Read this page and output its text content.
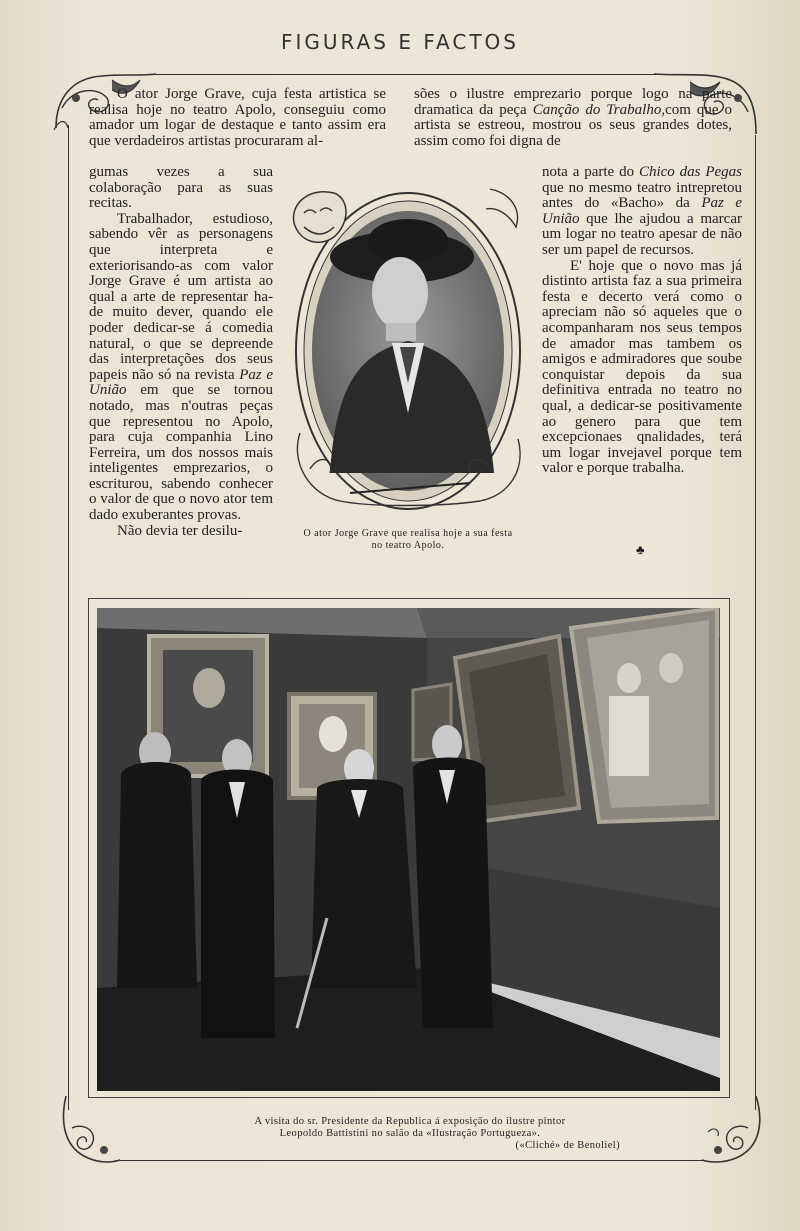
FIGURAS E FACTOS

O ator Jorge Grave, cuja festa artistica se realisa hoje no teatro Apolo, conseguiu como amador um logar de destaque e tanto assim era que verdadeiros artistas procuraram al-

gumas vezes a sua colaboração para as suas recitas.

Trabalhador, estudioso, sabendo vêr as personagens que interpreta e exteriorisando-as com valor Jorge Grave é um artista ao qual a arte de representar ha-de muito dever, quando ele poder dedicar-se á comedia natural, o que se depreende das interpretações dos seus papeis não só na revista Paz e União em que se tornou notado, mas n'outras peças que representou no Apolo, para cuja companhia Lino Ferreira, um dos nossos mais inteligentes emprezarios, o escriturou, sabendo conhecer o valor de que o novo ator tem dado exuberantes provas.

Não devia ter desilu-

sões o ilustre emprezario porque logo na parte dramatica da peça Canção do Trabalho,com que o artista se estreou, mostrou os seus grandes dotes, assim como foi digna de

nota a parte do Chico das Pegas que no mesmo teatro intrepretou antes do «Bacho» da Paz e União que lhe ajudou a marcar um logar no teatro apesar de não ser um papel de recursos.

E' hoje que o novo mas já distinto artista faz a sua primeira festa e decerto verá como o apreciam não só aqueles que o acompanharam nos seus tempos de amador mas tambem os amigos e admiradores que soube conquistar depois da sua definitiva entrada no teatro no qual, a dedicar-se positivamente ao genero para que tem excepcionaes qnalidades, terá um logar invejavel porque tem valor e porque trabalha.

O ator Jorge Grave que realisa hoje a sua festa no teatro Apolo.	♣
A visita do sr. Presidente da Republica á exposição do ilustre pintor
Leopoldo Battistini no salão da «Ilustração Portugueza».
(«Cliché» de Benoliel)
